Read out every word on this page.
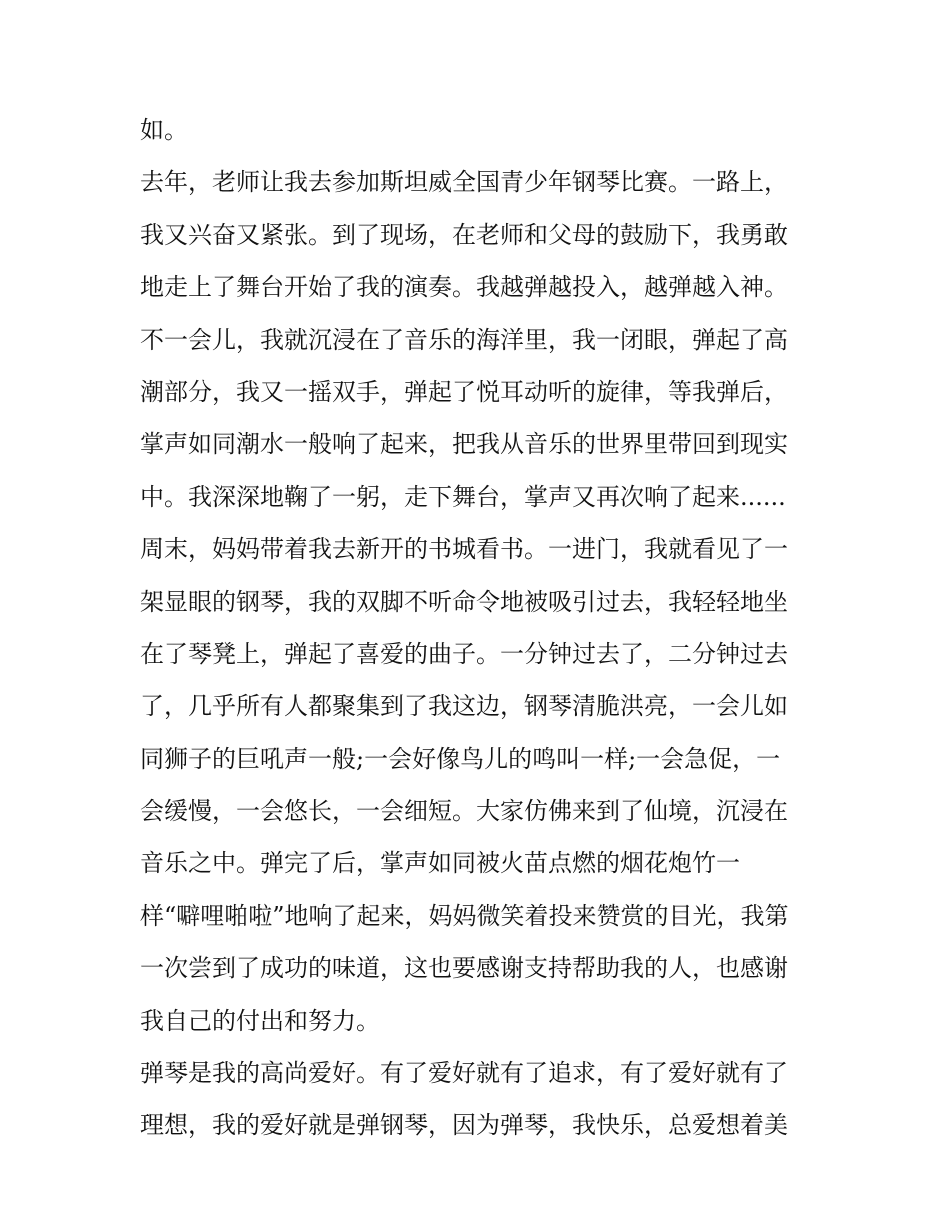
如。
去年，老师让我去参加斯坦威全国青少年钢琴比赛。一路上，
我又兴奋又紧张。到了现场，在老师和父母的鼓励下，我勇敢
地走上了舞台开始了我的演奏。我越弹越投入，越弹越入神。
不一会儿，我就沉浸在了音乐的海洋里，我一闭眼，弹起了高
潮部分，我又一摇双手，弹起了悦耳动听的旋律，等我弹后，
掌声如同潮水一般响了起来，把我从音乐的世界里带回到现实
中。我深深地鞠了一躬，走下舞台，掌声又再次响了起来......
周末，妈妈带着我去新开的书城看书。一进门，我就看见了一
架显眼的钢琴，我的双脚不听命令地被吸引过去，我轻轻地坐
在了琴凳上，弹起了喜爱的曲子。一分钟过去了，二分钟过去
了，几乎所有人都聚集到了我这边，钢琴清脆洪亮，一会儿如
同狮子的巨吼声一般;一会好像鸟儿的鸣叫一样;一会急促，一
会缓慢，一会悠长，一会细短。大家仿佛来到了仙境，沉浸在
音乐之中。弹完了后，掌声如同被火苗点燃的烟花炮竹一
样“噼哩啪啦”地响了起来，妈妈微笑着投来赞赏的目光，我第
一次尝到了成功的味道，这也要感谢支持帮助我的人，也感谢
我自己的付出和努力。
弹琴是我的高尚爱好。有了爱好就有了追求，有了爱好就有了
理想，我的爱好就是弹钢琴，因为弹琴，我快乐，总爱想着美
